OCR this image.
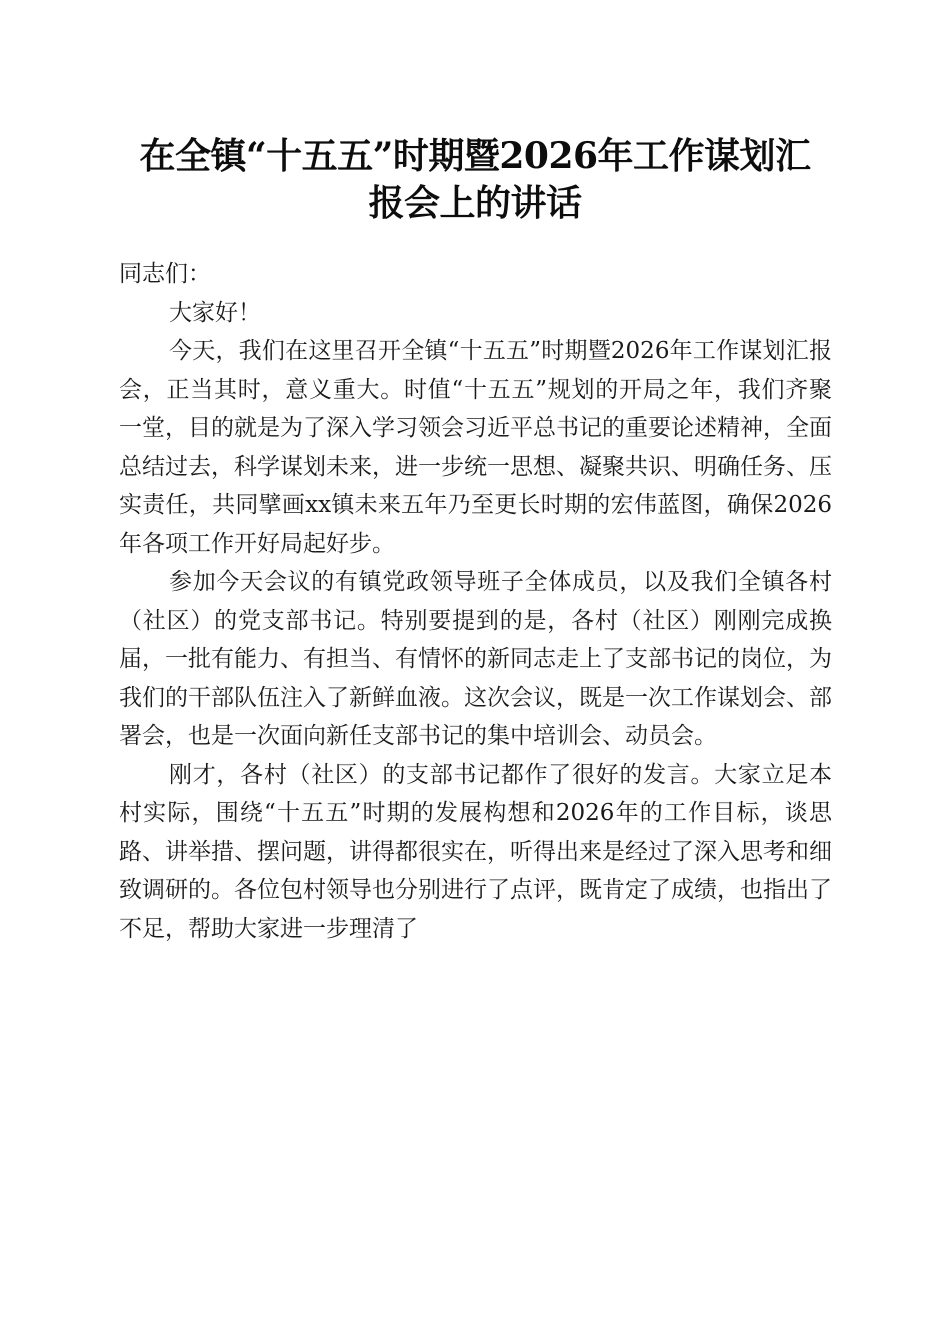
在全镇“十五五”时期暨2026年工作谋划汇
报会上的讲话

同志们：

大家好！

今天，我们在这里召开全镇“十五五”时期暨2026年工作谋划汇报会，正当其时，意义重大。时值“十五五”规划的开局之年，我们齐聚一堂，目的就是为了深入学习领会习近平总书记的重要论述精神，全面总结过去，科学谋划未来，进一步统一思想、凝聚共识、明确任务、压实责任，共同擘画xx镇未来五年乃至更长时期的宏伟蓝图，确保2026年各项工作开好局起好步。

参加今天会议的有镇党政领导班子全体成员，以及我们全镇各村（社区）的党支部书记。特别要提到的是，各村（社区）刚刚完成换届，一批有能力、有担当、有情怀的新同志走上了支部书记的岗位，为我们的干部队伍注入了新鲜血液。这次会议，既是一次工作谋划会、部署会，也是一次面向新任支部书记的集中培训会、动员会。

刚才，各村（社区）的支部书记都作了很好的发言。大家立足本村实际，围绕“十五五”时期的发展构想和2026年的工作目标，谈思路、讲举措、摆问题，讲得都很实在，听得出来是经过了深入思考和细致调研的。各位包村领导也分别进行了点评，既肯定了成绩，也指出了不足，帮助大家进一步理清了
